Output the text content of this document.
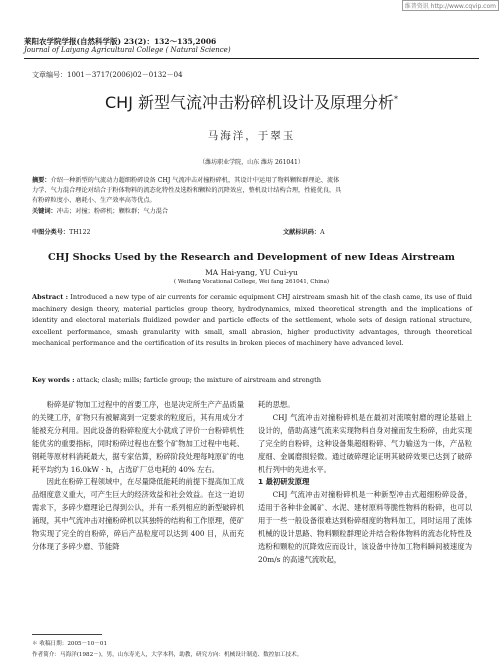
维普资讯 http://www.cqvip.com
莱阳农学院学报(自然科学版) 23(2)：132～135,2006
Journal of Laiyang Agricultural College ( Natural Science)
文章编号：1001－3717(2006)02－0132－04
CHJ 新型气流冲击粉碎机设计及原理分析*
马海洋，于翠玉
（潍坊职业学院，山东 潍坊 261041）
摘要：介绍一种新型的气流动力超细粉碎设备 CHJ 气流冲击对撞粉碎机，其设计中运用了物料颗粒群理论、流体
力学、气力混合理论对结合于粉体物料的流态化特性及选粉和颗粒的沉降效应，整机设计结构合理，性能优良，具
有粉碎粒度小、磨耗小、生产效率高等优点。
关键词：冲击；对撞；粉碎机；颗粒群；气力混合
中图分类号：TH122	文献标识码：A
CHJ Shocks Used by the Research and Development of new Ideas Airstream
MA Hai-yang, YU Cui-yu
( Weifang Vocational College, Wei fang 261041, China)
Abstract : Introduced a new type of air currents for ceramic equipment CHJ airstream smash hit of the clash came, its use of fluid machinery design theory, material particles group theory, hydrodynamics, mixed theoretical strength and the implications of identity and electoral materials fluidized powder and particle effects of the settlement, whole sets of design rational structure, excellent performance, smash granularity with small, small abrasion, higher productivity advantages, through theoretical mechanical performance and the certification of its results in broken pieces of machinery have advanced level.
Key words : attack; clash; mills; farticle group; the mixture of airstream and strength

粉碎是矿物加工过程中的首要工序，也是决定所生产产品质量的关键工序，矿物只有被解离到一定要求的粒度后，其有用成分才能被充分利用。因此设备的粉碎粒度大小就成了评价一台粉碎机性能优劣的重要指标，同时粉碎过程也在整个矿物加工过程中电耗、钢耗等原材料消耗最大，据专家估算，粉碎阶段处理每吨原矿的电耗平均约为 16.0kW · h，占选矿厂总电耗的 40% 左右。

因此在粉碎工程领域中，在尽量降低能耗的前提下提高加工成品细度意义重大，可产生巨大的经济效益和社会效益。在这一迫切需求下，多碎少磨理论已得到公认，并有一系列相应的新型破碎机涌现，其中气流冲击对撞粉碎机以其独特的结构和工作原理，使矿物实现了完全的自粉碎，碎后产品粒度可以达到 400 目，从而充分体现了多碎少磨、节能降

耗的思想。

CHJ 气流冲击对撞粉碎机是在最初对流喷射磨的理论基础上设计的，借助高速气流来实现物料自身对撞而发生粉碎，由此实现了完全的自粉碎，这种设备集超细粉碎、气力输送为一体，产品粒度细、金属磨损轻微。通过破碎理论证明其破碎效果已达到了破碎机行列中的先进水平。

1 最初研发原理

CHJ 气流冲击对撞粉碎机是一种新型冲击式超细粉碎设备，适用于各种非金属矿、水泥、建材原料等脆性物料的粉碎，也可以用于一些一般设备很难达到粉碎细度的物料加工，同时运用了流体机械的设计思路、物料颗粒群理论并结合粉体物料的流态化特性及选粉和颗粒的沉降效应而设计，该设备中待加工物料瞬间被速度为 20m/s 的高速气流吹起，

＊ 收稿日期：2005－10－01
作者简介：马海洋(1982－)，男，山东寿光人，大学本科，助教，研究方向：机械设计制造、数控加工技术。
